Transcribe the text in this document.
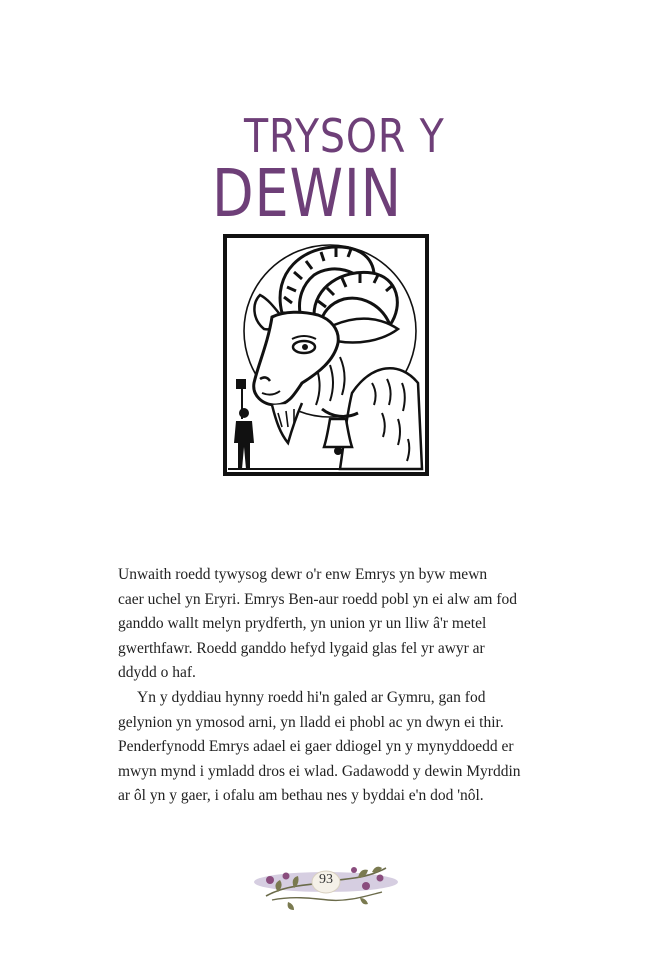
TRYSOR Y
DEWIN

Unwaith roedd tywysog dewr o'r enw Emrys yn byw mewn
caer uchel yn Eryri. Emrys Ben-aur roedd pobl yn ei alw am fod
ganddo wallt melyn prydferth, yn union yr un lliw â'r metel
gwerthfawr. Roedd ganddo hefyd lygaid glas fel yr awyr ar
ddydd o haf.

Yn y dyddiau hynny roedd hi'n galed ar Gymru, gan fod
gelynion yn ymosod arni, yn lladd ei phobl ac yn dwyn ei thir.
Penderfynodd Emrys adael ei gaer ddiogel yn y mynyddoedd er
mwyn mynd i ymladd dros ei wlad. Gadawodd y dewin Myrddin
ar ôl yn y gaer, i ofalu am bethau nes y byddai e'n dod 'nôl.

93
